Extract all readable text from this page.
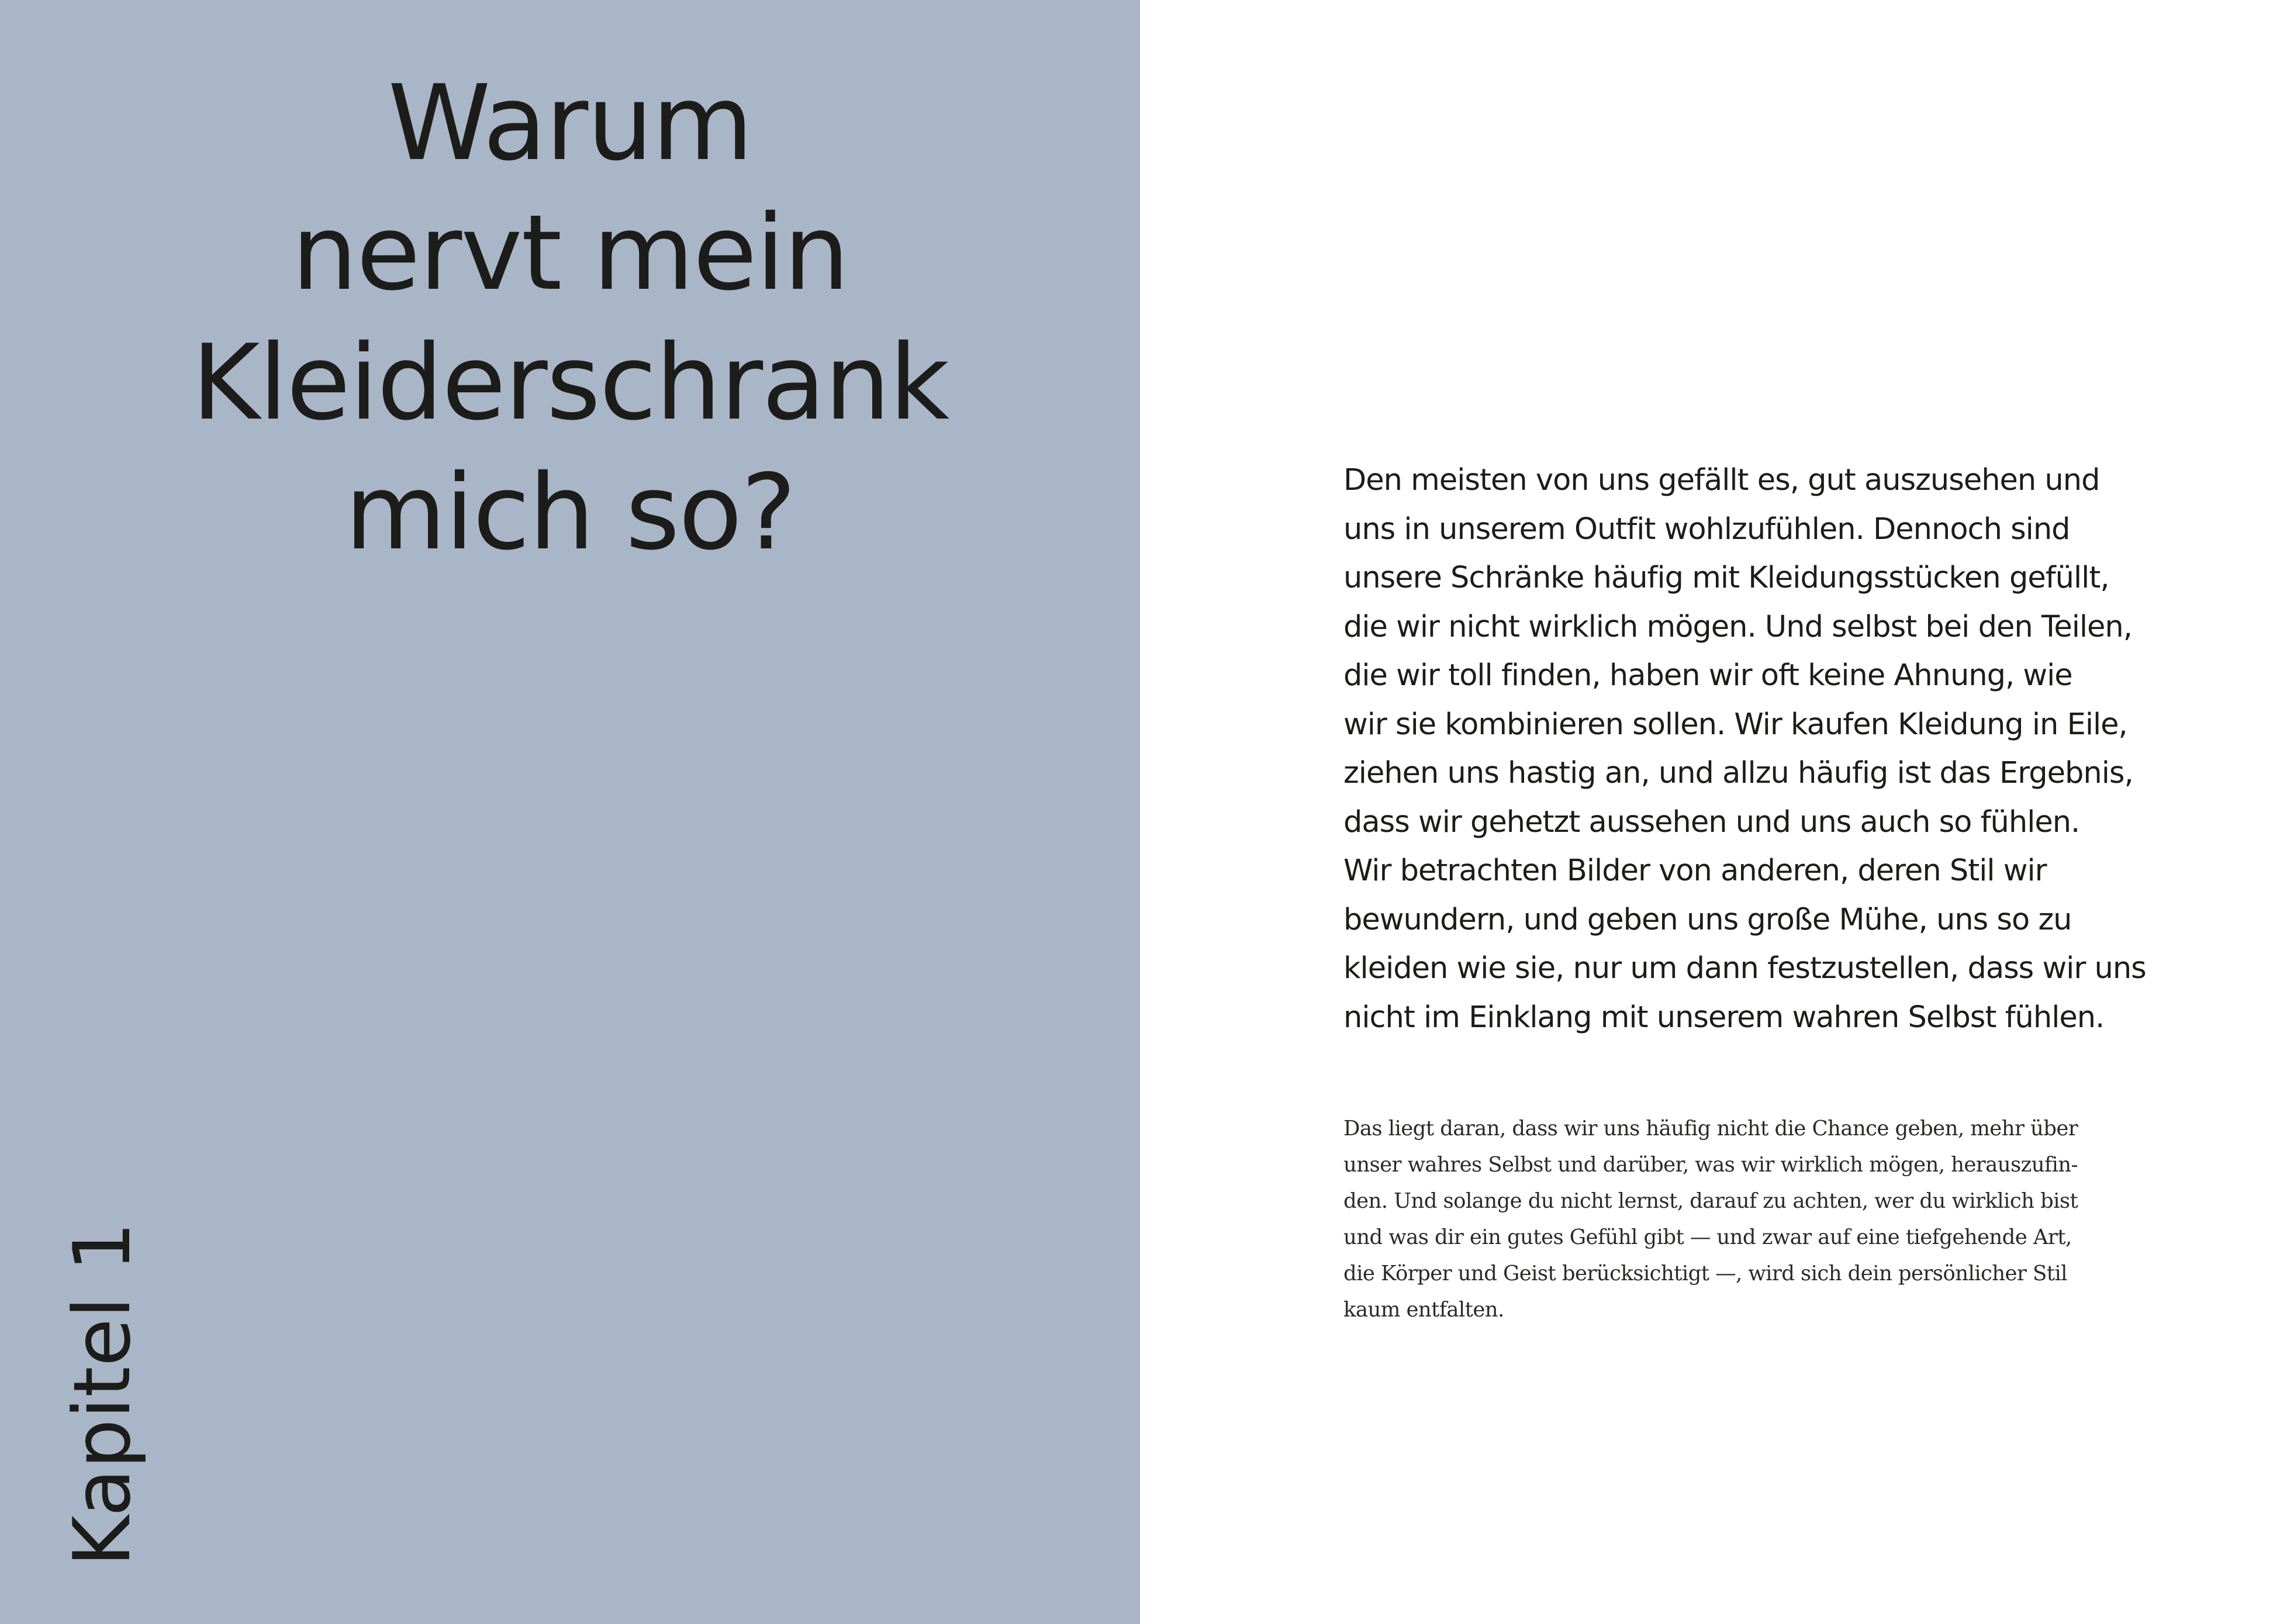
Warum
nervt mein
Kleiderschrank
mich so?
Kapitel 1

Den meisten von uns gefällt es, gut auszusehen und
uns in unserem Outfit wohlzufühlen. Dennoch sind
unsere Schränke häufig mit Kleidungsstücken gefüllt,
die wir nicht wirklich mögen. Und selbst bei den Teilen,
die wir toll finden, haben wir oft keine Ahnung, wie
wir sie kombinieren sollen. Wir kaufen Kleidung in Eile,
ziehen uns hastig an, und allzu häufig ist das Ergebnis,
dass wir gehetzt aussehen und uns auch so fühlen.
Wir betrachten Bilder von anderen, deren Stil wir
bewundern, und geben uns große Mühe, uns so zu
kleiden wie sie, nur um dann festzustellen, dass wir uns
nicht im Einklang mit unserem wahren Selbst fühlen.

Das liegt daran, dass wir uns häufig nicht die Chance geben, mehr über
unser wahres Selbst und darüber, was wir wirklich mögen, herauszufin-
den. Und solange du nicht lernst, darauf zu achten, wer du wirklich bist
und was dir ein gutes Gefühl gibt — und zwar auf eine tiefgehende Art,
die Körper und Geist berücksichtigt —, wird sich dein persönlicher Stil
kaum entfalten.
